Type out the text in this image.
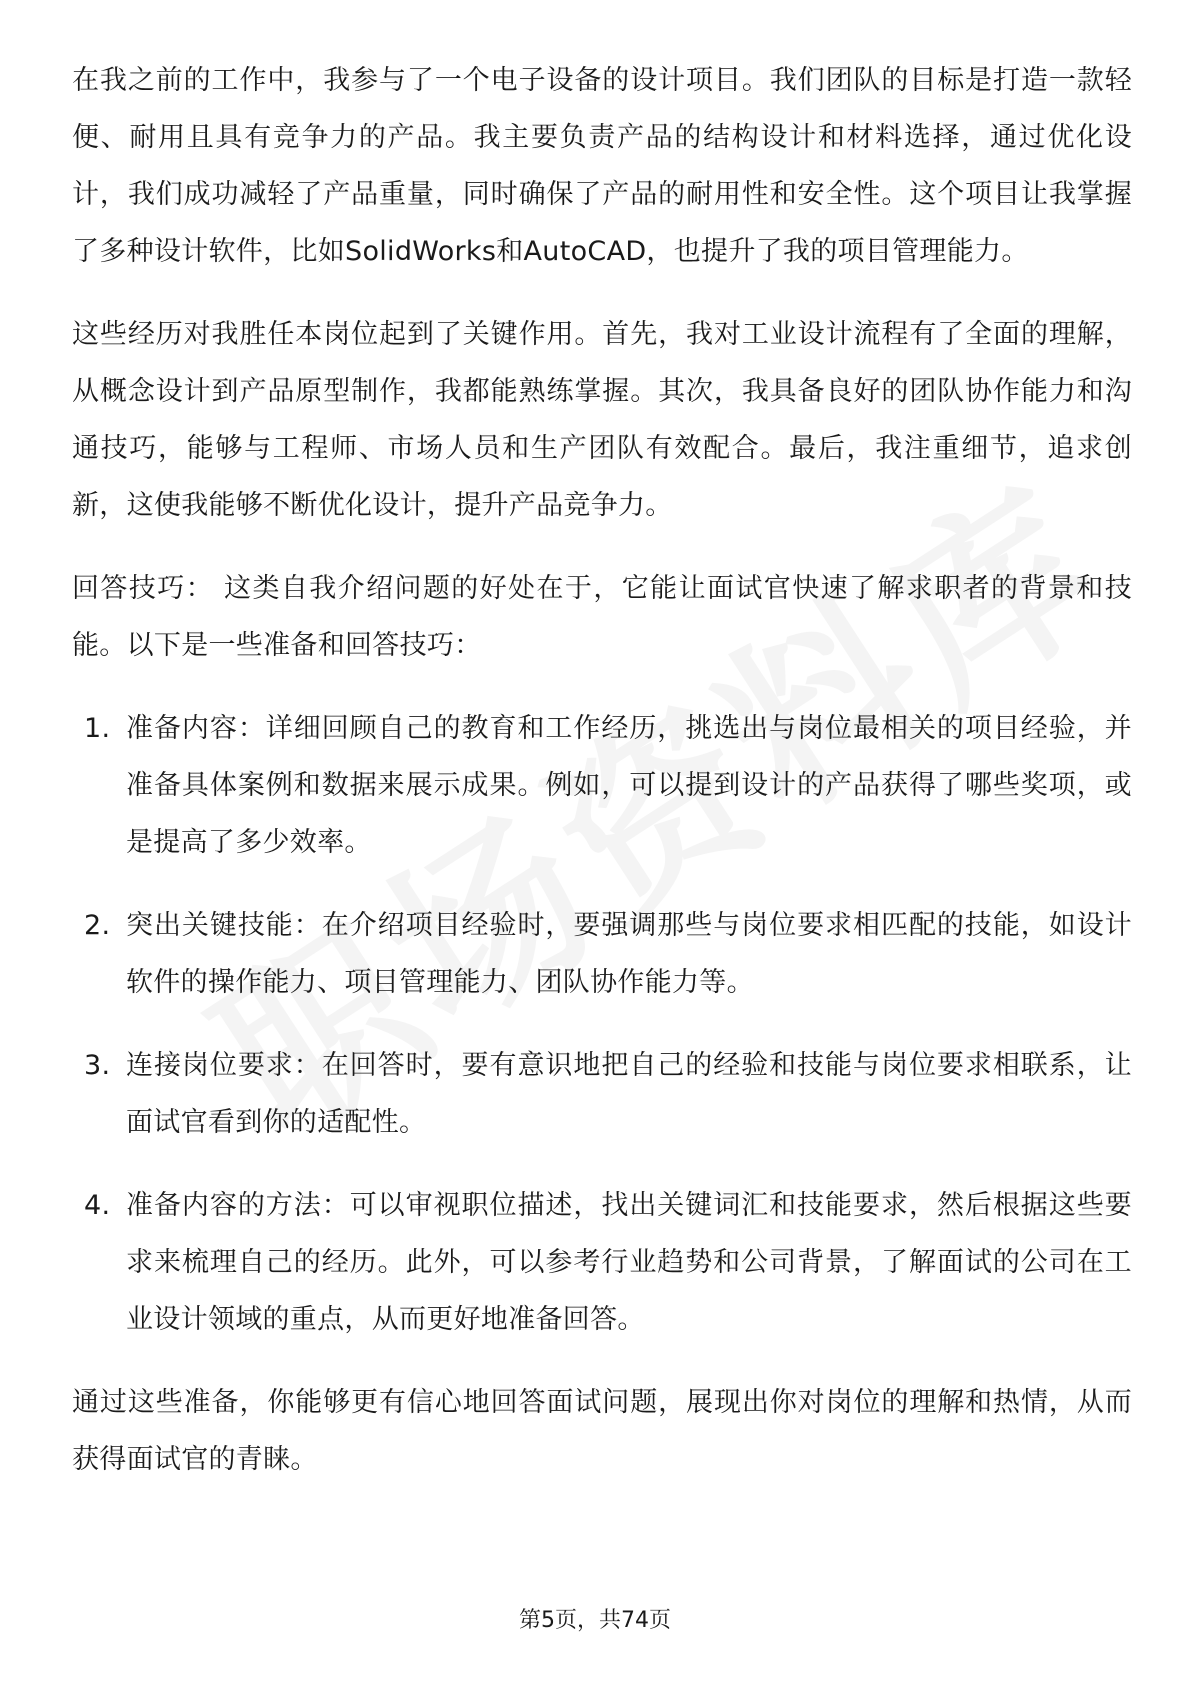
在我之前的工作中，我参与了一个电子设备的设计项目。我们团队的目标是打造一款轻便、耐用且具有竞争力的产品。我主要负责产品的结构设计和材料选择，通过优化设计，我们成功减轻了产品重量，同时确保了产品的耐用性和安全性。这个项目让我掌握了多种设计软件，比如SolidWorks和AutoCAD，也提升了我的项目管理能力。

这些经历对我胜任本岗位起到了关键作用。首先，我对工业设计流程有了全面的理解，从概念设计到产品原型制作，我都能熟练掌握。其次，我具备良好的团队协作能力和沟通技巧，能够与工程师、市场人员和生产团队有效配合。最后，我注重细节，追求创新，这使我能够不断优化设计，提升产品竞争力。

回答技巧： 这类自我介绍问题的好处在于，它能让面试官快速了解求职者的背景和技能。以下是一些准备和回答技巧：

1. 准备内容：详细回顾自己的教育和工作经历，挑选出与岗位最相关的项目经验，并准备具体案例和数据来展示成果。例如，可以提到设计的产品获得了哪些奖项，或是提高了多少效率。
2. 突出关键技能：在介绍项目经验时，要强调那些与岗位要求相匹配的技能，如设计软件的操作能力、项目管理能力、团队协作能力等。
3. 连接岗位要求：在回答时，要有意识地把自己的经验和技能与岗位要求相联系，让面试官看到你的适配性。
4. 准备内容的方法：可以审视职位描述，找出关键词汇和技能要求，然后根据这些要求来梳理自己的经历。此外，可以参考行业趋势和公司背景，了解面试的公司在工业设计领域的重点，从而更好地准备回答。

通过这些准备，你能够更有信心地回答面试问题，展现出你对岗位的理解和热情，从而获得面试官的青睐。

第5页，共74页
